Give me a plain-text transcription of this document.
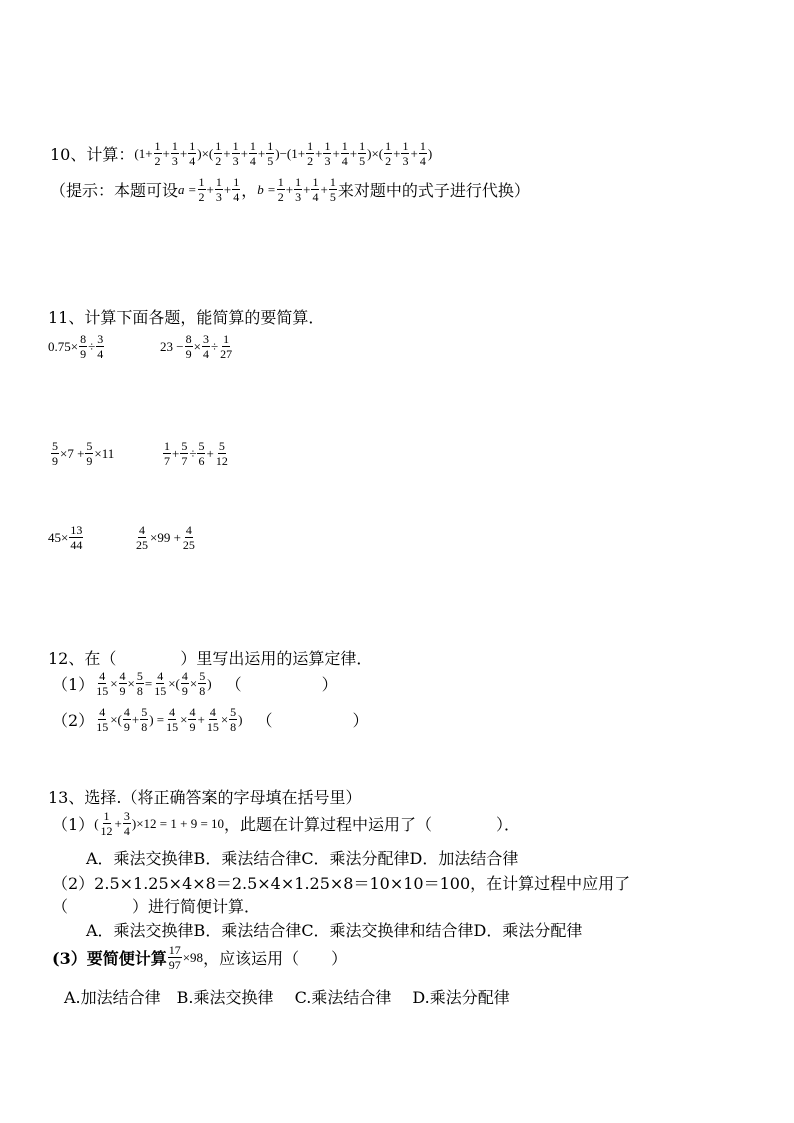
10、计算： ($1+ \frac{1}{2} + \frac{1}{3} + \frac{1}{4}$ )×( $\frac{1}{2} + \frac{1}{3} + \frac{1}{4} + \frac{1}{5} )-(1+ \frac{1}{2} + \frac{1}{3} + \frac{1}{4} + \frac{1}{5}$ )×( $\frac{1}{2} + \frac{1}{3} + \frac{1}{4}$ )
（提示：本题可设 $a = \frac{1}{2} + \frac{1}{3} + \frac{1}{4}$ ， $b = \frac{1}{2} + \frac{1}{3} + \frac{1}{4} + \frac{1}{5}$ 来对题中的式子进行代换）
11、计算下面各题，能简算的要简算．
$0.75\times \frac{8}{9} \div \frac{3}{4}$	$23 - \frac{8}{9} \times \frac{3}{4} \div \frac{1}{27}$
$\frac{5}{9} \times 7 + \frac{5}{9} \times 11$	$\frac{1}{7} + \frac{5}{7} \div \frac{5}{6} + \frac{5}{12}$
$45\times \frac{13}{44}$	$\frac{4}{25} \times 99 + \frac{4}{25}$
12、在（　　　　）里写出运用的运算定律．
$(1) \frac{4}{15} \times \frac{4}{9} \times \frac{5}{8} = \frac{4}{15}$ ×( $\frac{4}{9} \times \frac{5}{8}$ ) （　　　　　）
$(2) \frac{4}{15}$ ×( $\frac{4}{9} + \frac{5}{8}$ ) = $\frac{4}{15} \times \frac{4}{9} + \frac{4}{15} \times \frac{5}{8}$ ) （　　　　　）
13、选择.（将正确答案的字母填在括号里）
（1） ( $\frac{1}{12} + \frac{3}{4} )\times 12 = 1 + 9 = 10$ ，此题在计算过程中运用了（　　　　）．
A．乘法交换律B．乘法结合律C．乘法分配律D．加法结合律
（2）2.5×1.25×4×8＝2.5×4×1.25×8＝10×10＝100，在计算过程中应用了
（　　　　）进行简便计算．
A．乘法交换律B．乘法结合律C．乘法交换律和结合律D．乘法分配律
(3）要简便计算 $\frac{17}{97} \times 98$ ，应该运用（　　）
A.加法结合律　B.乘法交换律　 C.乘法结合律　 D.乘法分配律
